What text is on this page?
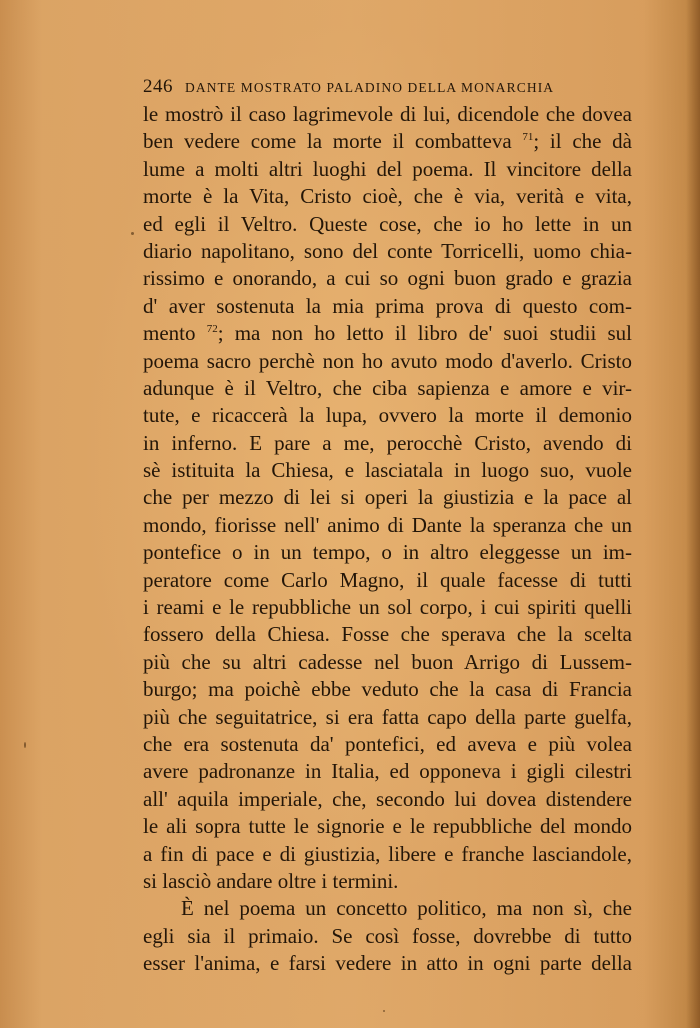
246 DANTE MOSTRATO PALADINO DELLA MONARCHIA
le mostrò il caso lagrimevole di lui, dicendole che dovea
ben vedere come la morte il combatteva $^{71}$; il che dà
lume a molti altri luoghi del poema. Il vincitore della
morte è la Vita, Cristo cioè, che è via, verità e vita,
ed egli il Veltro. Queste cose, che io ho lette in un
diario napolitano, sono del conte Torricelli, uomo chia-
rissimo e onorando, a cui so ogni buon grado e grazia
d' aver sostenuta la mia prima prova di questo com-
mento $^{72}$; ma non ho letto il libro de' suoi studii sul
poema sacro perchè non ho avuto modo d'averlo. Cristo
adunque è il Veltro, che ciba sapienza e amore e vir-
tute, e ricaccerà la lupa, ovvero la morte il demonio
in inferno. E pare a me, perocchè Cristo, avendo di
sè istituita la Chiesa, e lasciatala in luogo suo, vuole
che per mezzo di lei si operi la giustizia e la pace al
mondo, fiorisse nell' animo di Dante la speranza che un
pontefice o in un tempo, o in altro eleggesse un im-
peratore come Carlo Magno, il quale facesse di tutti
i reami e le repubbliche un sol corpo, i cui spiriti quelli
fossero della Chiesa. Fosse che sperava che la scelta
più che su altri cadesse nel buon Arrigo di Lussem-
burgo; ma poichè ebbe veduto che la casa di Francia
più che seguitatrice, si era fatta capo della parte guelfa,
che era sostenuta da' pontefici, ed aveva e più volea
avere padronanze in Italia, ed opponeva i gigli cilestri
all' aquila imperiale, che, secondo lui dovea distendere
le ali sopra tutte le signorie e le repubbliche del mondo
a fin di pace e di giustizia, libere e franche lasciandole,
si lasciò andare oltre i termini.
È nel poema un concetto politico, ma non sì, che
egli sia il primaio. Se così fosse, dovrebbe di tutto
esser l'anima, e farsi vedere in atto in ogni parte della
